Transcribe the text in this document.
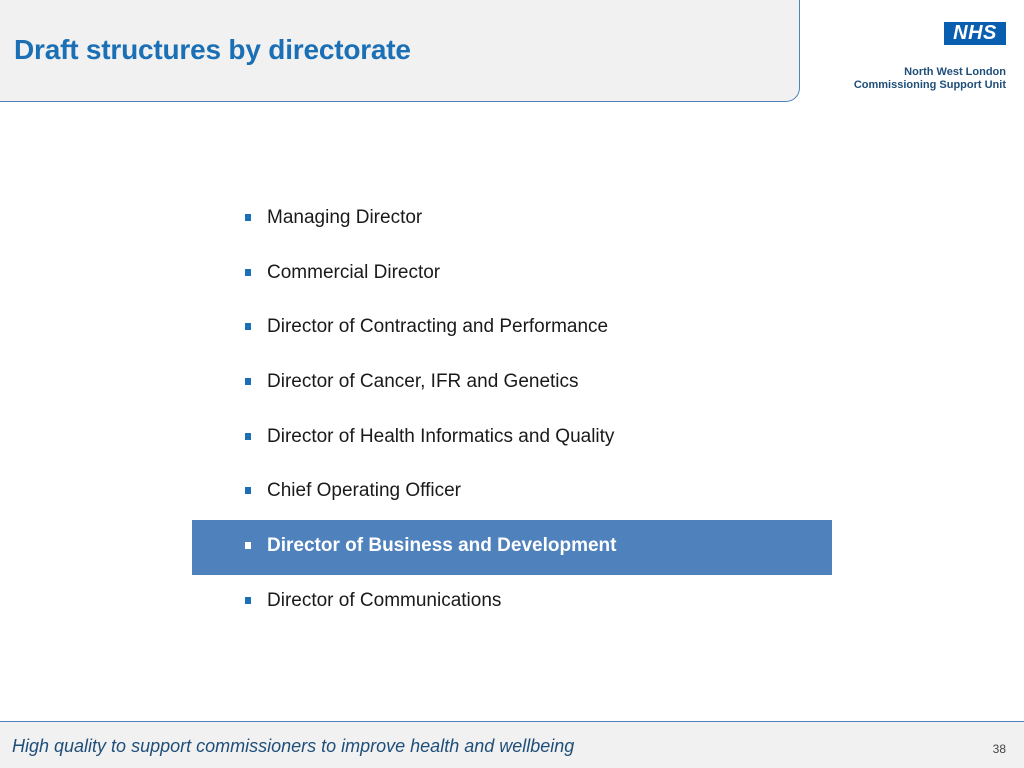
Draft structures by directorate
NHS
North West London
Commissioning Support Unit
Managing Director
Commercial Director
Director of Contracting and Performance
Director of Cancer, IFR and Genetics
Director of Health Informatics and Quality
Chief Operating Officer
Director of Business and Development
Director of Communications
High quality to support commissioners to improve health and wellbeing	38
